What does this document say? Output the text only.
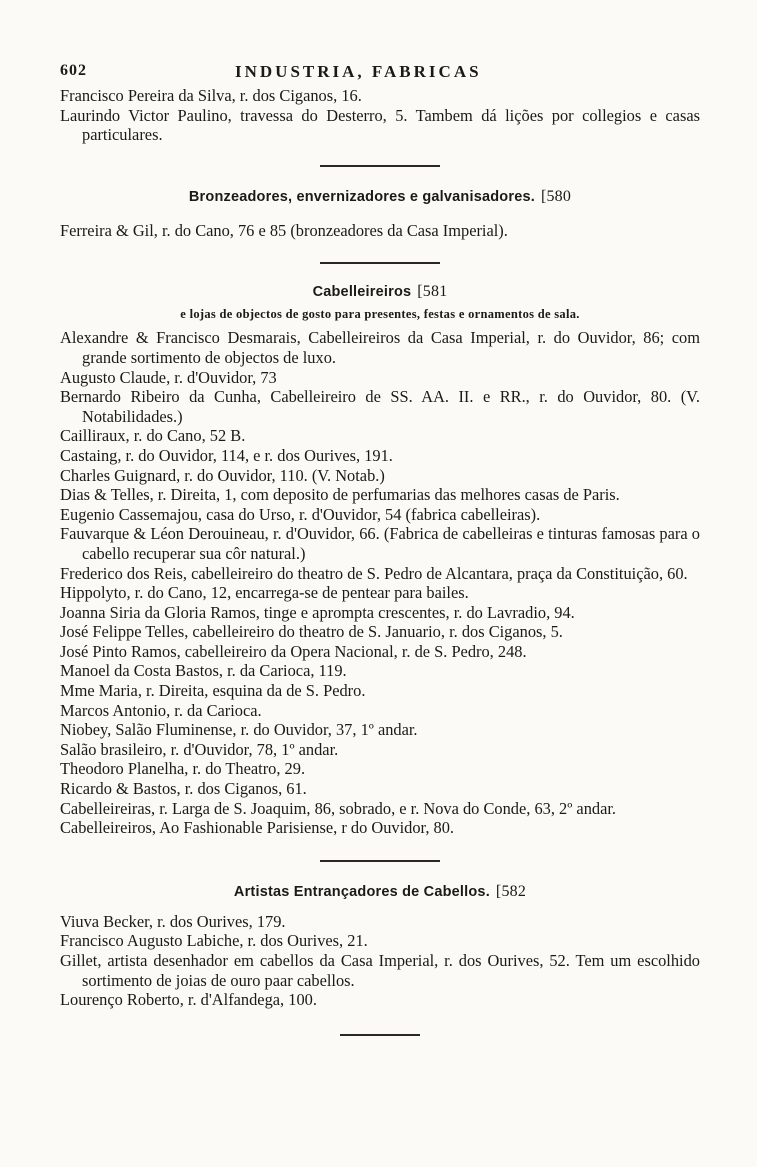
602	INDUSTRIA, FABRICAS

Francisco Pereira da Silva, r. dos Ciganos, 16.

Laurindo Victor Paulino, travessa do Desterro, 5. Tambem dá lições por collegios e casas particulares.

Bronzeadores, envernizadores e galvanisadores. [580

Ferreira & Gil, r. do Cano, 76 e 85 (bronzeadores da Casa Imperial).

Cabelleireiros [581

e lojas de objectos de gosto para presentes, festas e ornamentos de sala.

Alexandre & Francisco Desmarais, Cabelleireiros da Casa Imperial, r. do Ouvidor, 86; com grande sortimento de objectos de luxo.

Augusto Claude, r. d'Ouvidor, 73

Bernardo Ribeiro da Cunha, Cabelleireiro de SS. AA. II. e RR., r. do Ouvidor, 80. (V. Notabilidades.)

Cailliraux, r. do Cano, 52 B.

Castaing, r. do Ouvidor, 114, e r. dos Ourives, 191.

Charles Guignard, r. do Ouvidor, 110. (V. Notab.)

Dias & Telles, r. Direita, 1, com deposito de perfumarias das melhores casas de Paris.

Eugenio Cassemajou, casa do Urso, r. d'Ouvidor, 54 (fabrica cabelleiras).

Fauvarque & Léon Derouineau, r. d'Ouvidor, 66. (Fabrica de cabelleiras e tinturas famosas para o cabello recuperar sua côr natural.)

Frederico dos Reis, cabelleireiro do theatro de S. Pedro de Alcantara, praça da Constituição, 60.

Hippolyto, r. do Cano, 12, encarrega-se de pentear para bailes.

Joanna Siria da Gloria Ramos, tinge e apromptа crescentes, r. do Lavradio, 94.

José Felippe Telles, cabelleireiro do theatro de S. Januario, r. dos Ciganos, 5.

José Pinto Ramos, cabelleireiro da Opera Nacional, r. de S. Pedro, 248.

Manoel da Costa Bastos, r. da Carioca, 119.

Mme Maria, r. Direita, esquina da de S. Pedro.

Marcos Antonio, r. da Carioca.

Niobey, Salão Fluminense, r. do Ouvidor, 37, 1º andar.

Salão brasileiro, r. d'Ouvidor, 78, 1º andar.

Theodoro Planelha, r. do Theatro, 29.

Ricardo & Bastos, r. dos Ciganos, 61.

Cabelleireiras, r. Larga de S. Joaquim, 86, sobrado, e r. Nova do Conde, 63, 2º andar.

Cabelleireiros, Ao Fashionable Parisiense, r do Ouvidor, 80.

Artistas Entrançadores de Cabellos. [582

Viuva Becker, r. dos Ourives, 179.

Francisco Augusto Labiche, r. dos Ourives, 21.

Gillet, artista desenhador em cabellos da Casa Imperial, r. dos Ourives, 52. Tem um escolhido sortimento de joias de ouro paar cabellos.

Lourenço Roberto, r. d'Alfandega, 100.
